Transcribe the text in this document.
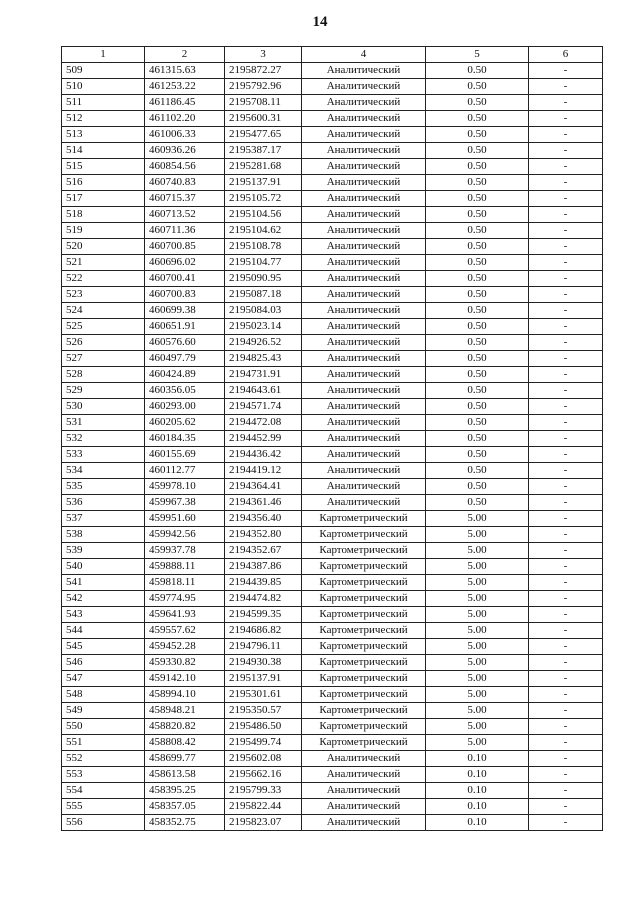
14
1	2	3	4	5	6
509	461315.63	2195872.27	Аналитический	0.50	-
510	461253.22	2195792.96	Аналитический	0.50	-
511	461186.45	2195708.11	Аналитический	0.50	-
512	461102.20	2195600.31	Аналитический	0.50	-
513	461006.33	2195477.65	Аналитический	0.50	-
514	460936.26	2195387.17	Аналитический	0.50	-
515	460854.56	2195281.68	Аналитический	0.50	-
516	460740.83	2195137.91	Аналитический	0.50	-
517	460715.37	2195105.72	Аналитический	0.50	-
518	460713.52	2195104.56	Аналитический	0.50	-
519	460711.36	2195104.62	Аналитический	0.50	-
520	460700.85	2195108.78	Аналитический	0.50	-
521	460696.02	2195104.77	Аналитический	0.50	-
522	460700.41	2195090.95	Аналитический	0.50	-
523	460700.83	2195087.18	Аналитический	0.50	-
524	460699.38	2195084.03	Аналитический	0.50	-
525	460651.91	2195023.14	Аналитический	0.50	-
526	460576.60	2194926.52	Аналитический	0.50	-
527	460497.79	2194825.43	Аналитический	0.50	-
528	460424.89	2194731.91	Аналитический	0.50	-
529	460356.05	2194643.61	Аналитический	0.50	-
530	460293.00	2194571.74	Аналитический	0.50	-
531	460205.62	2194472.08	Аналитический	0.50	-
532	460184.35	2194452.99	Аналитический	0.50	-
533	460155.69	2194436.42	Аналитический	0.50	-
534	460112.77	2194419.12	Аналитический	0.50	-
535	459978.10	2194364.41	Аналитический	0.50	-
536	459967.38	2194361.46	Аналитический	0.50	-
537	459951.60	2194356.40	Картометрический	5.00	-
538	459942.56	2194352.80	Картометрический	5.00	-
539	459937.78	2194352.67	Картометрический	5.00	-
540	459888.11	2194387.86	Картометрический	5.00	-
541	459818.11	2194439.85	Картометрический	5.00	-
542	459774.95	2194474.82	Картометрический	5.00	-
543	459641.93	2194599.35	Картометрический	5.00	-
544	459557.62	2194686.82	Картометрический	5.00	-
545	459452.28	2194796.11	Картометрический	5.00	-
546	459330.82	2194930.38	Картометрический	5.00	-
547	459142.10	2195137.91	Картометрический	5.00	-
548	458994.10	2195301.61	Картометрический	5.00	-
549	458948.21	2195350.57	Картометрический	5.00	-
550	458820.82	2195486.50	Картометрический	5.00	-
551	458808.42	2195499.74	Картометрический	5.00	-
552	458699.77	2195602.08	Аналитический	0.10	-
553	458613.58	2195662.16	Аналитический	0.10	-
554	458395.25	2195799.33	Аналитический	0.10	-
555	458357.05	2195822.44	Аналитический	0.10	-
556	458352.75	2195823.07	Аналитический	0.10	-
